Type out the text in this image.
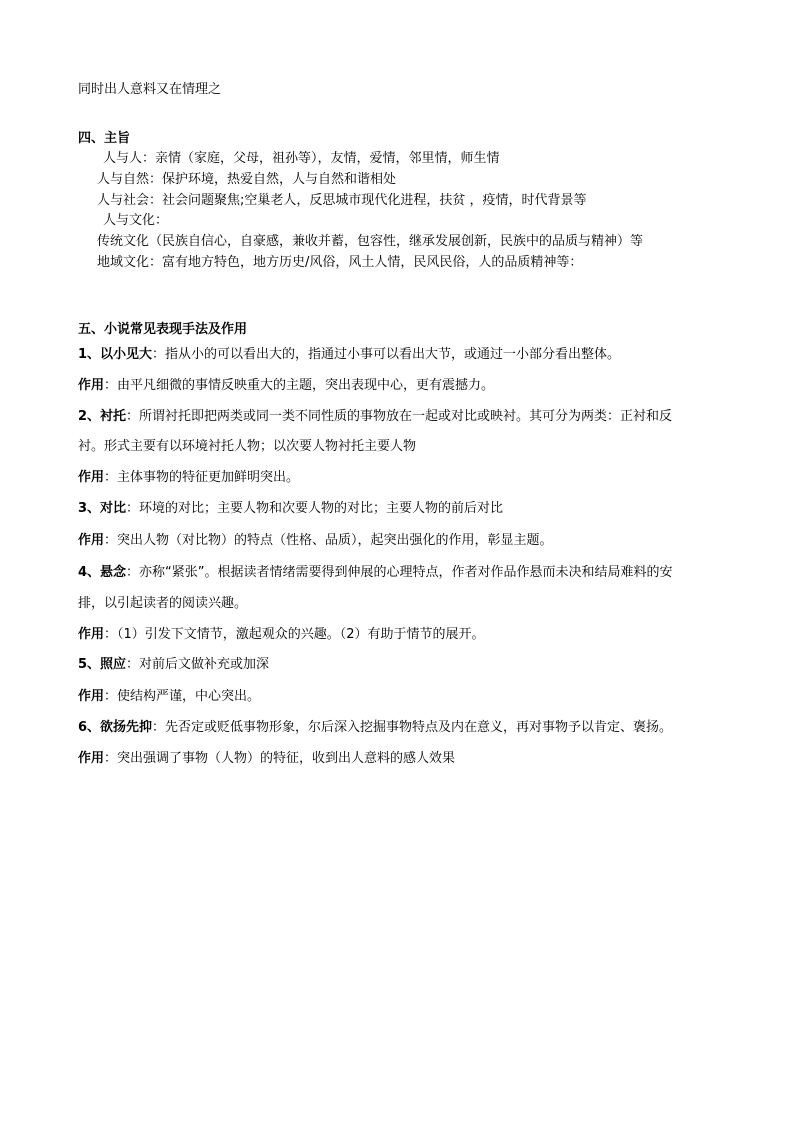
同时出人意料又在情理之
四、主旨
人与人：亲情（家庭，父母，祖孙等），友情，爱情，邻里情，师生情
人与自然：保护环境，热爱自然，人与自然和谐相处
人与社会：社会问题聚焦;空巢老人，反思城市现代化进程，扶贫 ，疫情，时代背景等
人与文化：
传统文化（民族自信心，自豪感，兼收并蓄，包容性，继承发展创新，民族中的品质与精神）等
地域文化：富有地方特色，地方历史/风俗，风土人情，民风民俗，人的品质精神等：
五、小说常见表现手法及作用
1、以小见大：指从小的可以看出大的，指通过小事可以看出大节，或通过一小部分看出整体。
作用：由平凡细微的事情反映重大的主题，突出表现中心，更有震撼力。
2、衬托：所谓衬托即把两类或同一类不同性质的事物放在一起或对比或映衬。其可分为两类：正衬和反
衬。形式主要有以环境衬托人物；以次要人物衬托主要人物
作用：主体事物的特征更加鲜明突出。
3、对比：环境的对比；主要人物和次要人物的对比；主要人物的前后对比
作用：突出人物（对比物）的特点（性格、品质），起突出强化的作用，彰显主题。
4、悬念：亦称“紧张”。根据读者情绪需要得到伸展的心理特点，作者对作品作悬而未决和结局难料的安
排，以引起读者的阅读兴趣。
作用：（1）引发下文情节，激起观众的兴趣。（2）有助于情节的展开。
5、照应：对前后文做补充或加深
作用：使结构严谨，中心突出。
6、欲扬先抑：先否定或贬低事物形象，尔后深入挖掘事物特点及内在意义，再对事物予以肯定、褒扬。
作用：突出强调了事物（人物）的特征，收到出人意料的感人效果
